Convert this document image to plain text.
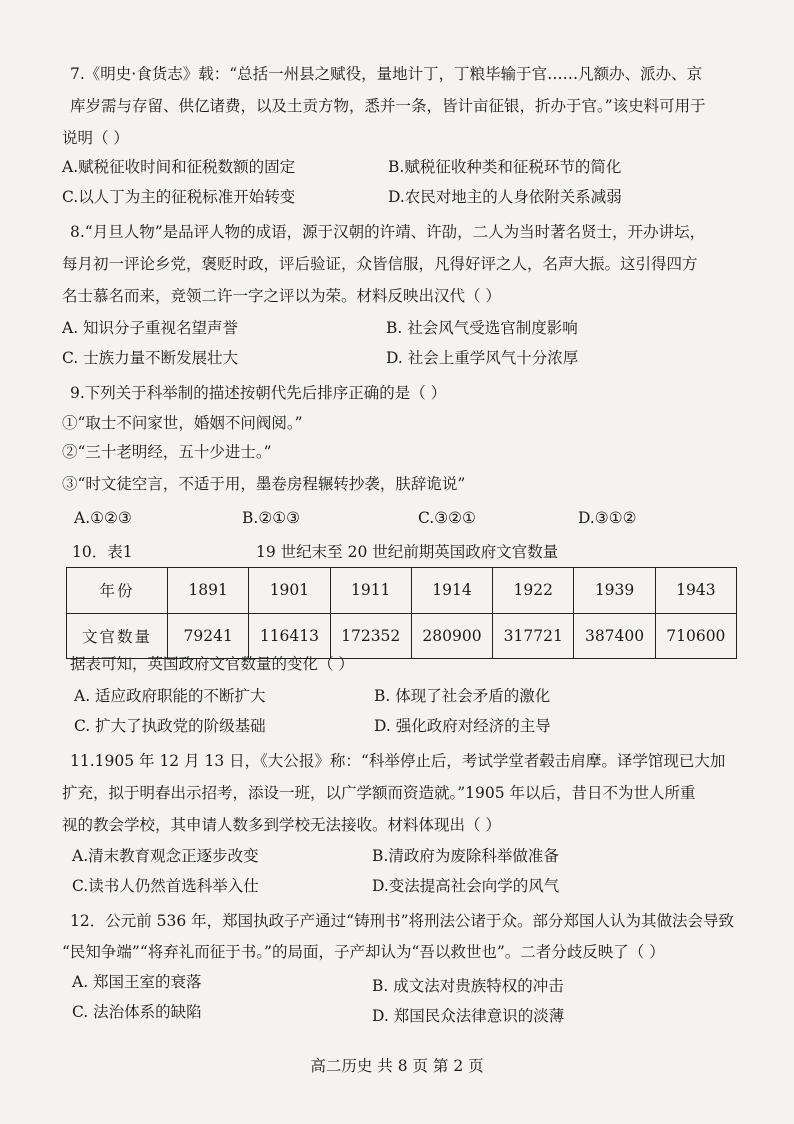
7.《明史·食货志》载：“总括一州县之赋役，量地计丁，丁粮毕输于官……凡额办、派办、京
库岁需与存留、供亿诸费，以及土贡方物，悉并一条，皆计亩征银，折办于官。”该史料可用于
说明（ ）
A.赋税征收时间和征税数额的固定	B.赋税征收种类和征税环节的简化
C.以人丁为主的征税标准开始转变	D.农民对地主的人身依附关系减弱
8.“月旦人物”是品评人物的成语，源于汉朝的许靖、许劭，二人为当时著名贤士，开办讲坛，
每月初一评论乡党，褒贬时政，评后验证，众皆信服，凡得好评之人，名声大振。这引得四方
名士慕名而来，竞领二许一字之评以为荣。材料反映出汉代（ ）
A. 知识分子重视名望声誉	B. 社会风气受选官制度影响
C. 士族力量不断发展壮大	D. 社会上重学风气十分浓厚
9.下列关于科举制的描述按朝代先后排序正确的是（ ）
①“取士不问家世，婚姻不问阀阅。”
②“三十老明经，五十少进士。”
③“时文徒空言，不适于用，墨卷房程辗转抄袭，肤辞诡说”
A.①②③	B.②①③	C.③②①	D.③①②
10．表1	19 世纪末至 20 世纪前期英国政府文官数量
年份	1891	1901	1911	1914	1922	1939	1943
文官数量	79241	116413	172352	280900	317721	387400	710600
据表可知，英国政府文官数量的变化（ ）
A. 适应政府职能的不断扩大	B. 体现了社会矛盾的激化
C. 扩大了执政党的阶级基础	D. 强化政府对经济的主导
11.1905 年 12 月 13 日，《大公报》称：“科举停止后，考试学堂者毂击肩摩。译学馆现已大加
扩充，拟于明春出示招考，添设一班，以广学额而资造就。”1905 年以后，昔日不为世人所重
视的教会学校，其申请人数多到学校无法接收。材料体现出（ ）
A.清末教育观念正逐步改变	B.清政府为废除科举做准备
C.读书人仍然首选科举入仕	D.变法提高社会向学的风气
12．公元前 536 年，郑国执政子产通过“铸刑书”将刑法公诸于众。部分郑国人认为其做法会导致
“民知争端”“将弃礼而征于书。”的局面，子产却认为“吾以救世也”。二者分歧反映了（ ）
A. 郑国王室的衰落	B. 成文法对贵族特权的冲击
C. 法治体系的缺陷	D. 郑国民众法律意识的淡薄
高二历史 共 8 页 第 2 页
